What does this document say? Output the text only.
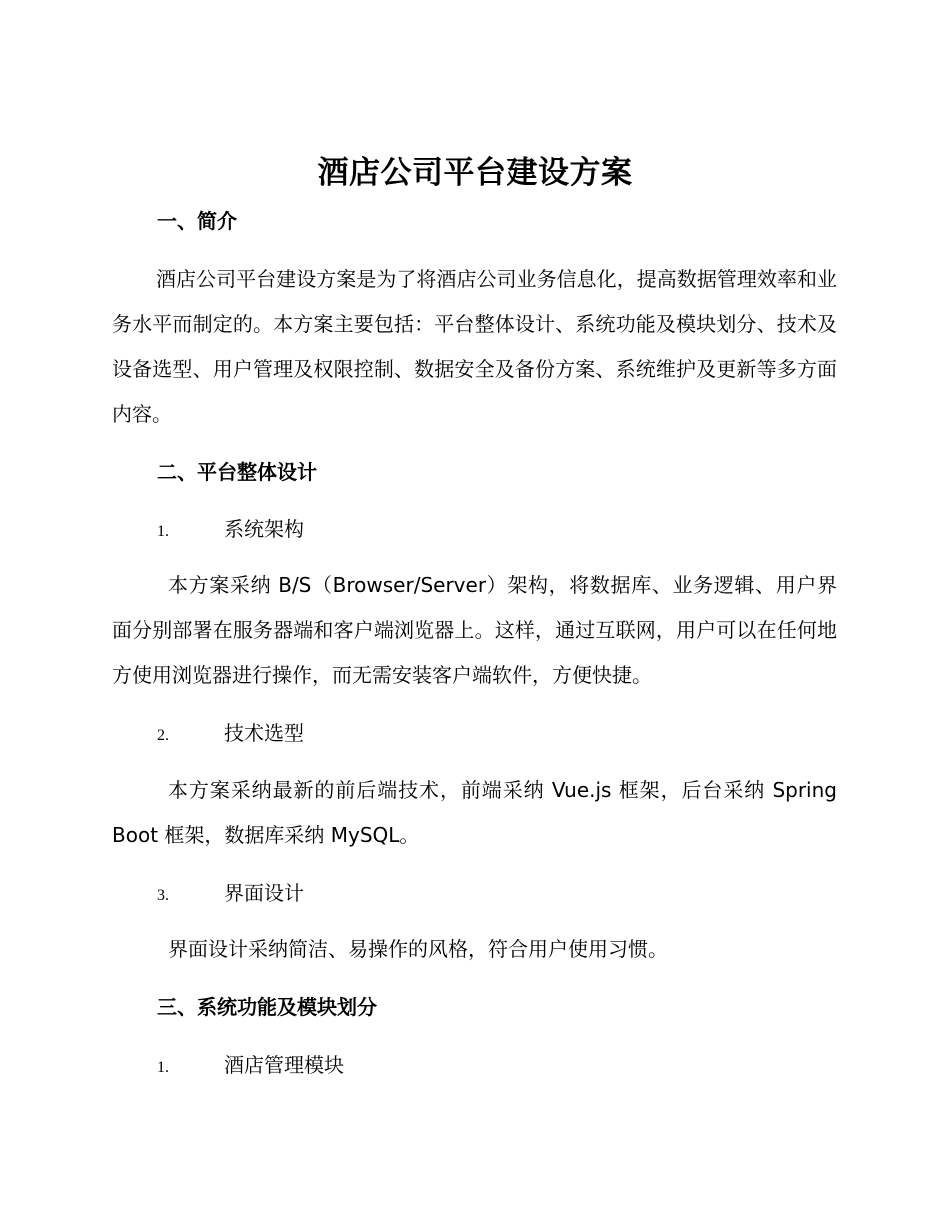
酒店公司平台建设方案
一、简介
酒店公司平台建设方案是为了将酒店公司业务信息化，提高数据管理效率和业务水平而制定的。本方案主要包括：平台整体设计、系统功能及模块划分、技术及设备选型、用户管理及权限控制、数据安全及备份方案、系统维护及更新等多方面内容。
二、平台整体设计
1.	系统架构
本方案采纳 B/S（Browser/Server）架构，将数据库、业务逻辑、用户界面分别部署在服务器端和客户端浏览器上。这样，通过互联网，用户可以在任何地方使用浏览器进行操作，而无需安装客户端软件，方便快捷。
2.	技术选型
本方案采纳最新的前后端技术，前端采纳 Vue.js 框架，后台采纳 Spring Boot 框架，数据库采纳 MySQL。
3.	界面设计
界面设计采纳简洁、易操作的风格，符合用户使用习惯。
三、系统功能及模块划分
1.	酒店管理模块
